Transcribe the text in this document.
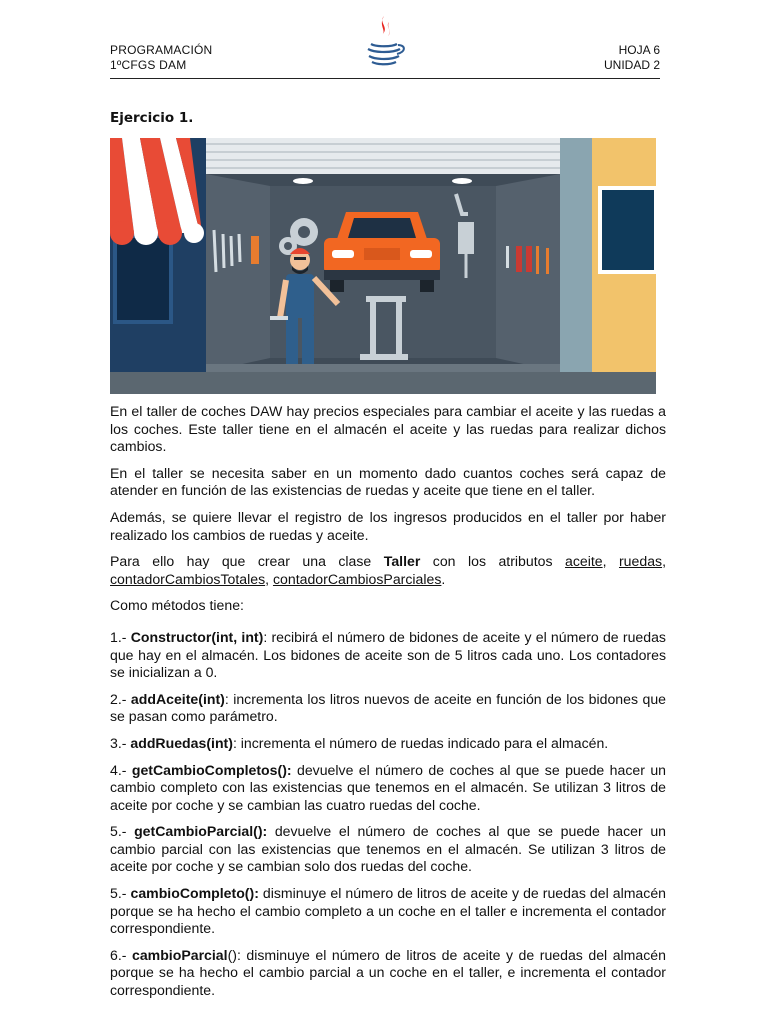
PROGRAMACIÓN
1ºCFGS DAM
HOJA 6
UNIDAD 2
Ejercicio 1.

En el taller de coches DAW hay precios especiales para cambiar el aceite y las ruedas a los coches. Este taller tiene en el almacén el aceite y las ruedas para realizar dichos cambios.

En el taller se necesita saber en un momento dado cuantos coches será capaz de atender en función de las existencias de ruedas y aceite que tiene en el taller.

Además, se quiere llevar el registro de los ingresos producidos en el taller por haber realizado los cambios de ruedas y aceite.

Para ello hay que crear una clase Taller con los atributos aceite, ruedas, contadorCambiosTotales, contadorCambiosParciales.

Como métodos tiene:

1.- Constructor(int, int): recibirá el número de bidones de aceite y el número de ruedas que hay en el almacén. Los bidones de aceite son de 5 litros cada uno. Los contadores se inicializan a 0.

2.- addAceite(int): incrementa los litros nuevos de aceite en función de los bidones que se pasan como parámetro.

3.- addRuedas(int): incrementa el número de ruedas indicado para el almacén.

4.- getCambioCompletos(): devuelve el número de coches al que se puede hacer un cambio completo con las existencias que tenemos en el almacén. Se utilizan 3 litros de aceite por coche y se cambian las cuatro ruedas del coche.

5.- getCambioParcial(): devuelve el número de coches al que se puede hacer un cambio parcial con las existencias que tenemos en el almacén. Se utilizan 3 litros de aceite por coche y se cambian solo dos ruedas del coche.

5.- cambioCompleto(): disminuye el número de litros de aceite y de ruedas del almacén porque se ha hecho el cambio completo a un coche en el taller e incrementa el contador correspondiente.

6.- cambioParcial(): disminuye el número de litros de aceite y de ruedas del almacén porque se ha hecho el cambio parcial a un coche en el taller, e incrementa el contador correspondiente.
